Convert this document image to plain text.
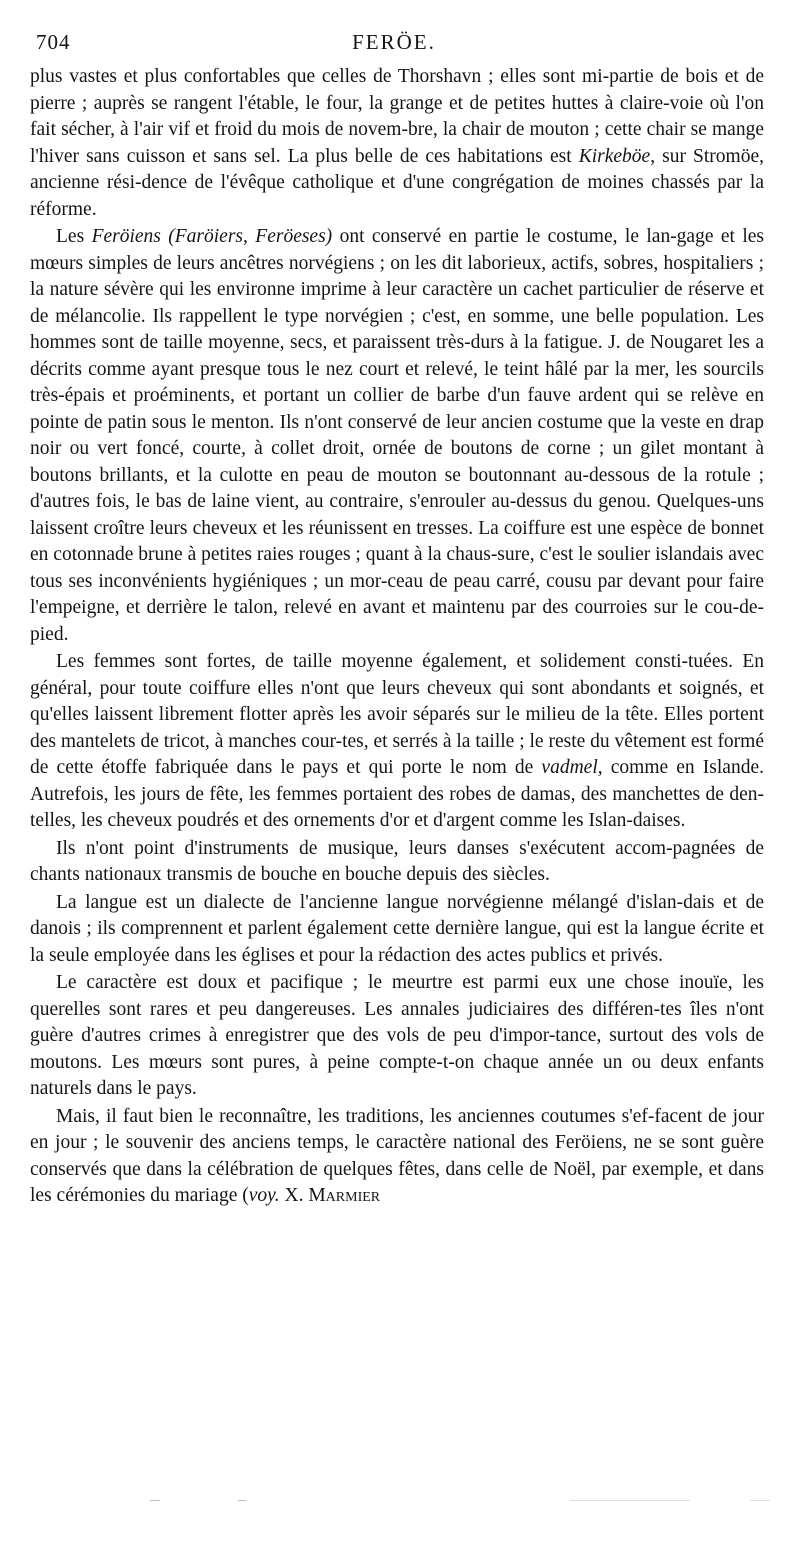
704	FERÖE.

plus vastes et plus confortables que celles de Thorshavn ; elles sont mi-partie de bois et de pierre ; auprès se rangent l'étable, le four, la grange et de petites huttes à claire-voie où l'on fait sécher, à l'air vif et froid du mois de novem-bre, la chair de mouton ; cette chair se mange l'hiver sans cuisson et sans sel. La plus belle de ces habitations est Kirkeböe, sur Stromöe, ancienne rési-dence de l'évêque catholique et d'une congrégation de moines chassés par la réforme.

Les Feröiens (Faröiers, Feröeses) ont conservé en partie le costume, le lan-gage et les mœurs simples de leurs ancêtres norvégiens ; on les dit laborieux, actifs, sobres, hospitaliers ; la nature sévère qui les environne imprime à leur caractère un cachet particulier de réserve et de mélancolie. Ils rappellent le type norvégien ; c'est, en somme, une belle population. Les hommes sont de taille moyenne, secs, et paraissent très-durs à la fatigue. J. de Nougaret les a décrits comme ayant presque tous le nez court et relevé, le teint hâlé par la mer, les sourcils très-épais et proéminents, et portant un collier de barbe d'un fauve ardent qui se relève en pointe de patin sous le menton. Ils n'ont conservé de leur ancien costume que la veste en drap noir ou vert foncé, courte, à collet droit, ornée de boutons de corne ; un gilet montant à boutons brillants, et la culotte en peau de mouton se boutonnant au-dessous de la rotule ; d'autres fois, le bas de laine vient, au contraire, s'enrouler au-dessus du genou. Quelques-uns laissent croître leurs cheveux et les réunissent en tresses. La coiffure est une espèce de bonnet en cotonnade brune à petites raies rouges ; quant à la chaus-sure, c'est le soulier islandais avec tous ses inconvénients hygiéniques ; un mor-ceau de peau carré, cousu par devant pour faire l'empeigne, et derrière le talon, relevé en avant et maintenu par des courroies sur le cou-de-pied.

Les femmes sont fortes, de taille moyenne également, et solidement consti-tuées. En général, pour toute coiffure elles n'ont que leurs cheveux qui sont abondants et soignés, et qu'elles laissent librement flotter après les avoir séparés sur le milieu de la tête. Elles portent des mantelets de tricot, à manches cour-tes, et serrés à la taille ; le reste du vêtement est formé de cette étoffe fabriquée dans le pays et qui porte le nom de vadmel, comme en Islande. Autrefois, les jours de fête, les femmes portaient des robes de damas, des manchettes de den-telles, les cheveux poudrés et des ornements d'or et d'argent comme les Islan-daises.

Ils n'ont point d'instruments de musique, leurs danses s'exécutent accom-pagnées de chants nationaux transmis de bouche en bouche depuis des siècles.

La langue est un dialecte de l'ancienne langue norvégienne mélangé d'islan-dais et de danois ; ils comprennent et parlent également cette dernière langue, qui est la langue écrite et la seule employée dans les églises et pour la rédaction des actes publics et privés.

Le caractère est doux et pacifique ; le meurtre est parmi eux une chose inouïe, les querelles sont rares et peu dangereuses. Les annales judiciaires des différen-tes îles n'ont guère d'autres crimes à enregistrer que des vols de peu d'impor-tance, surtout des vols de moutons. Les mœurs sont pures, à peine compte-t-on chaque année un ou deux enfants naturels dans le pays.

Mais, il faut bien le reconnaître, les traditions, les anciennes coutumes s'ef-facent de jour en jour ; le souvenir des anciens temps, le caractère national des Feröiens, ne se sont guère conservés que dans la célébration de quelques fêtes, dans celle de Noël, par exemple, et dans les cérémonies du mariage (voy. X. Marmier
